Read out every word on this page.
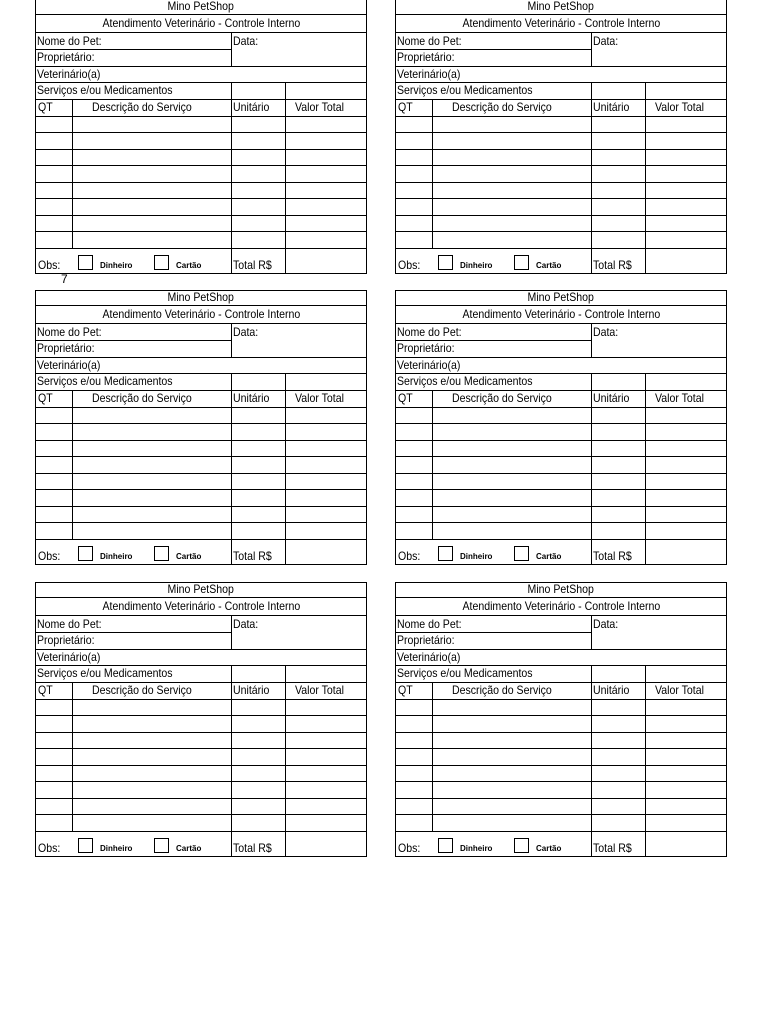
Mino PetShop
Atendimento Veterinário - Controle Interno
Nome do Pet:	Data:
Proprietário:
Veterinário(a)
Serviços e/ou Medicamentos
QT	Descrição do Serviço	Unitário Valor Total
Obs:	Dinheiro	Cartão	Total R$
Mino PetShop
Atendimento Veterinário - Controle Interno
Nome do Pet:	Data:
Proprietário:
Veterinário(a)
Serviços e/ou Medicamentos
QT	Descrição do Serviço	Unitário Valor Total
Obs:	Dinheiro	Cartão	Total R$
Mino PetShop
Atendimento Veterinário - Controle Interno
Nome do Pet:	Data:
Proprietário:
Veterinário(a)
Serviços e/ou Medicamentos
QT	Descrição do Serviço	Unitário Valor Total
Obs:	Dinheiro	Cartão	Total R$
Mino PetShop
Atendimento Veterinário - Controle Interno
Nome do Pet:	Data:
Proprietário:
Veterinário(a)
Serviços e/ou Medicamentos
QT	Descrição do Serviço	Unitário Valor Total
Obs:	Dinheiro	Cartão	Total R$
Mino PetShop
Atendimento Veterinário - Controle Interno
Nome do Pet:	Data:
Proprietário:
Veterinário(a)
Serviços e/ou Medicamentos
QT	Descrição do Serviço	Unitário Valor Total
Obs:	Dinheiro	Cartão	Total R$
Mino PetShop
Atendimento Veterinário - Controle Interno
Nome do Pet:	Data:
Proprietário:
Veterinário(a)
Serviços e/ou Medicamentos
QT	Descrição do Serviço	Unitário Valor Total
Obs:	Dinheiro	Cartão	Total R$
7
